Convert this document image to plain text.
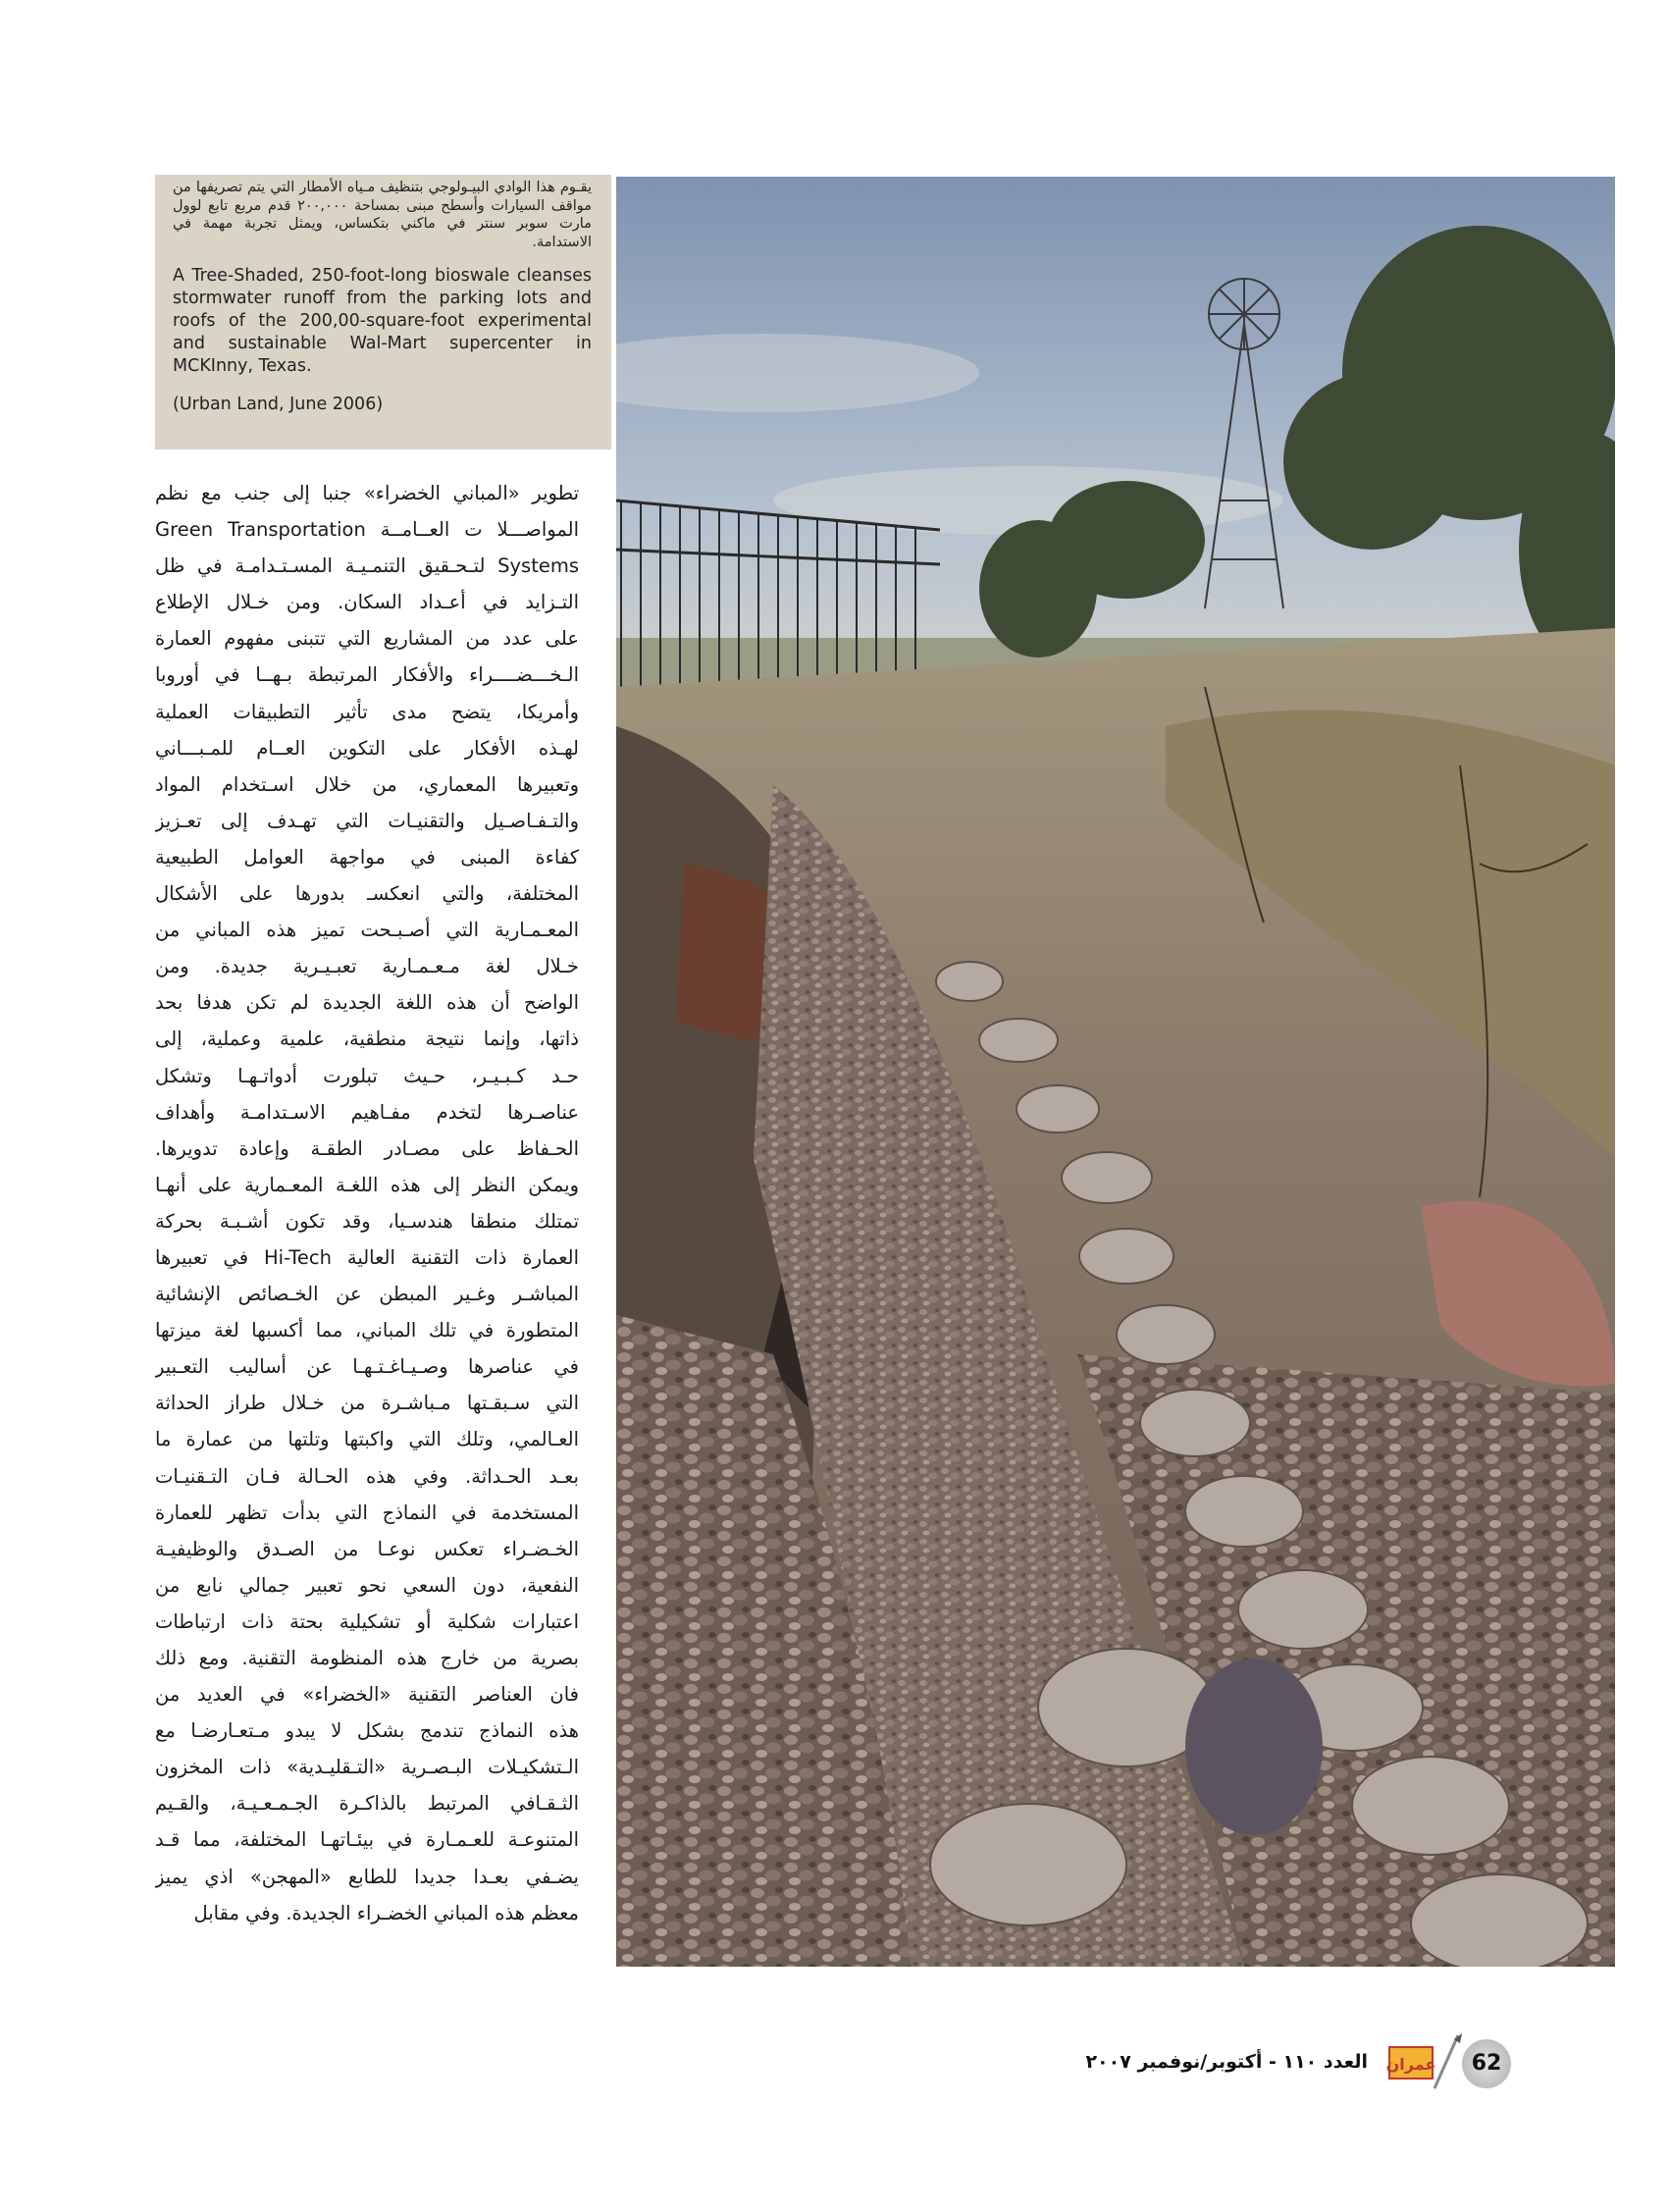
يقـوم هذا الوادي البيـولوجي بتنظيف مـياه الأمطار التي يتم تصريفها من مواقف السيارات وأسطح مبنى بمساحة ٢٠٠,٠٠٠ قدم مربع تابع لوول مارت سوبر سنتر في ماكني بتكساس، ويمثل تجربة مهمة في الاستدامة.

A Tree-Shaded, 250-foot-long bioswale cleanses stormwater runoff from the parking lots and roofs of the 200,00-square-foot experimental and sustainable Wal-Mart supercenter in MCKInny, Texas.

(Urban Land, June 2006)

تطوير «المباني الخضراء» جنبا إلى جنب مع نظم
المواصـــلا ت العــامــة Green Transportation
Systems لتـحـقيق التنمـيـة المسـتـدامـة في ظل
التـزايد في أعـداد السكان. ومن خـلال الإطلاع
على عدد من المشاريع التي تتبنى مفهوم العمارة
الـخـــضــــراء والأفكار المرتبطة بـهــا في أوروبا
وأمريكا، يتضح مدى تأثير التطبيقات العملية
لهـذه الأفكار على التكوين العــام للمـبـــاني
وتعبيرها المعماري، من خلال اسـتخدام المواد
والتـفـاصـيل والتقنيـات التي تهـدف إلى تعـزيز
كفاءة المبنى في مواجهة العوامل الطبيعية
المختلفة، والتي انعكسـ بدورها على الأشكال
المعـمـارية التي أصـبـحت تميز هذه المباني من
خـلال لغة مـعـمـارية تعبـيـرية جديدة. ومن
الواضح أن هذه اللغة الجديدة لم تكن هدفا بحد
ذاتها، وإنما نتيجة منطقية، علمية وعملية، إلى
حـد كـبـيـر، حـيث تبلورت أدواتـهـا وتشكل
عناصـرها لتخدم مفـاهيم الاسـتدامـة وأهداف
الحـفاظ على مصـادر الطقـة وإعادة تدويرها.
ويمكن النظر إلى هذه اللغـة المعـمارية على أنهـا
تمتلك منطقا هندسـيا، وقد تكون أشـبـة بحركة
العمارة ذات التقنية العالية Hi-Tech في تعبيرها
المباشـر وغـير المبطن عن الخـصائص الإنشائية
المتطورة في تلك المباني، مما أكسبها لغة ميزتها
في عناصرها وصـيـاغـتـهـا عن أساليب التعـبير
التي سـبقـتها مـباشـرة من خـلال طراز الحداثة
العـالمي، وتلك التي واكبتها وتلتها من عمارة ما
بعـد الحـداثة. وفي هذه الحـالة فـان التـقنيـات
المستخدمة في النماذج التي بدأت تظهر للعمارة
الخـضـراء تعكس نوعـا من الصـدق والوظيفيـة
النفعية، دون السعي نحو تعبير جمالي نابع من
اعتبارات شكلية أو تشكيلية بحتة ذات ارتباطات
بصرية من خارج هذه المنظومة التقنية. ومع ذلك
فان العناصر التقنية «الخضراء» في العديد من
هذه النماذج تندمج بشكل لا يبدو مـتعـارضـا مع
الـتشكيـلات البـصـرية «التـقليـدية» ذات المخزون
الثـقـافي المرتبط بالذاكـرة الجـمـعـيـة، والقـيم
المتنوعـة للعـمـارة في بيئـاتهـا المختلفة، مما قـد
يضـفي بعـدا جديدا للطابع «المهجن» اذي يميز
معظم هذه المباني الخضـراء الجديدة. وفي مقابل
العدد ١١٠ - أكتوبر/نوفمبر ٢٠٠٧ عمران	62
